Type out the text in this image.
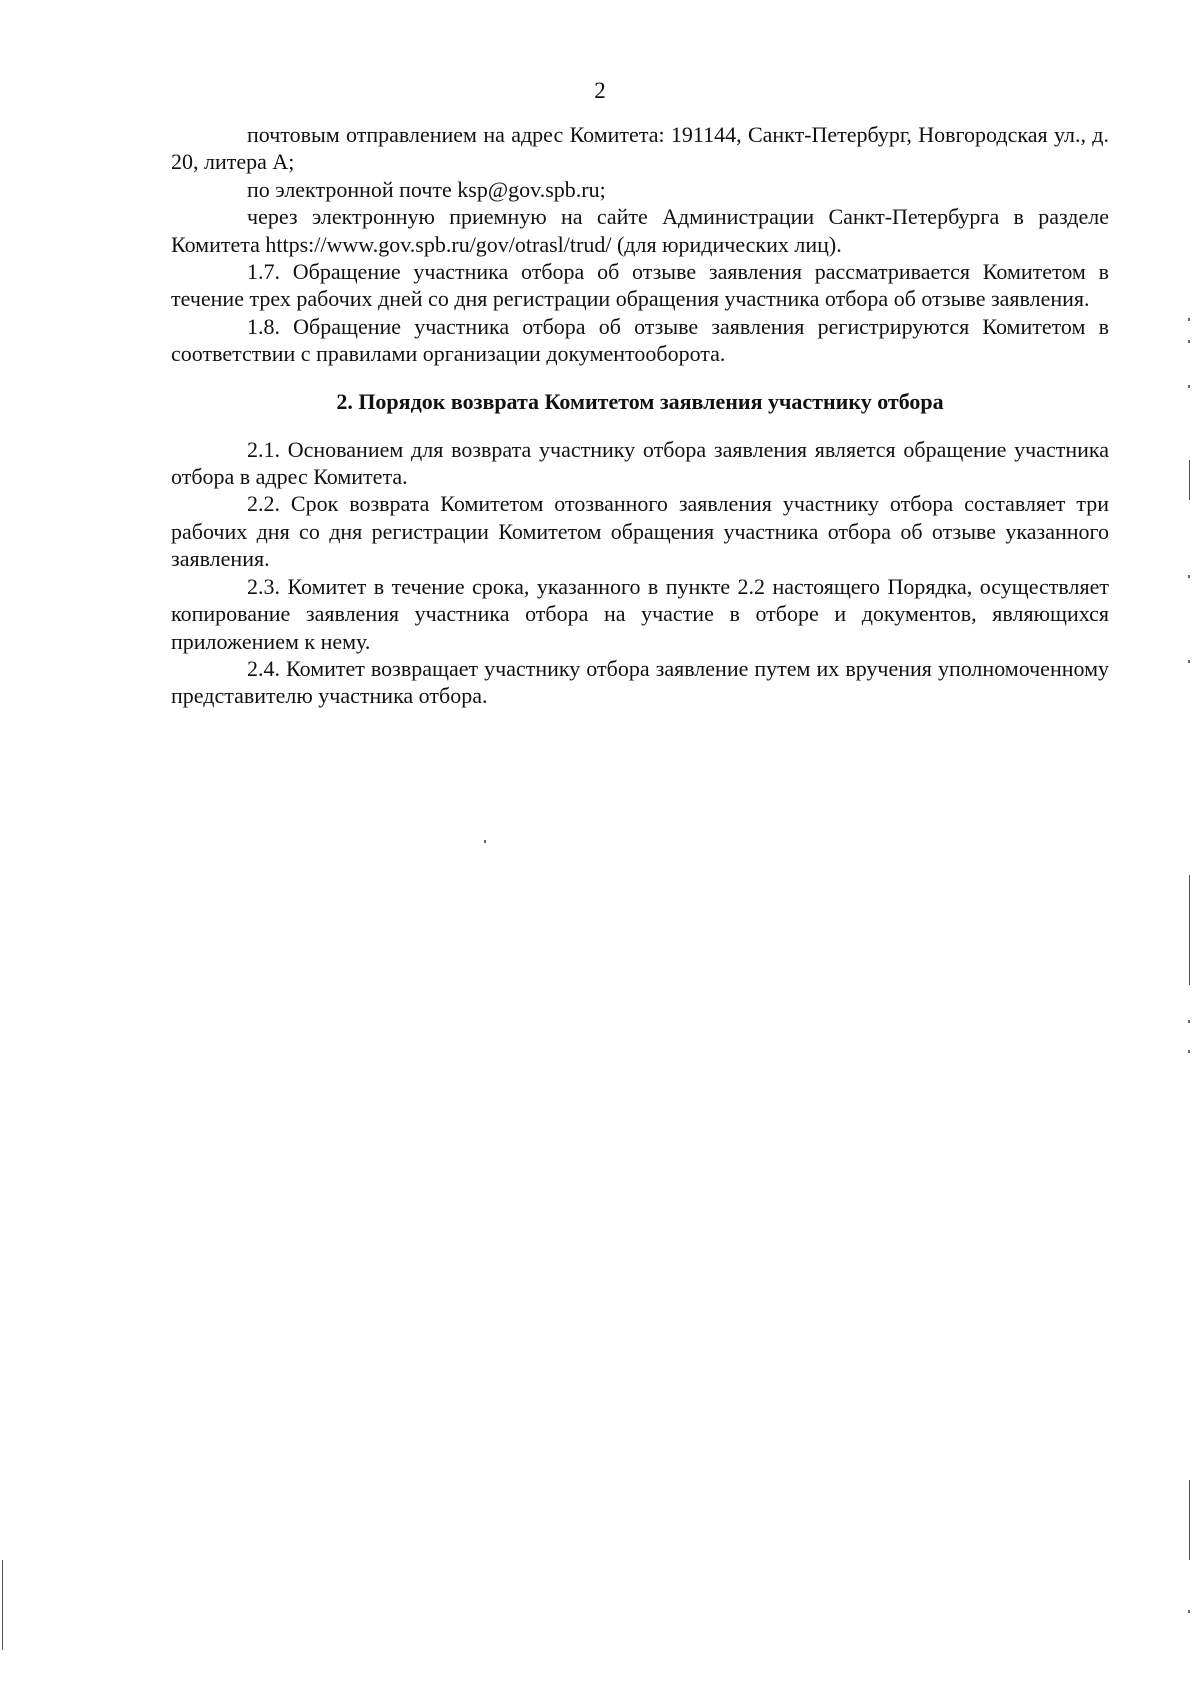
2

почтовым отправлением на адрес Комитета: 191144, Санкт-Петербург, Новгородская ул., д. 20, литера А;

по электронной почте ksp@gov.spb.ru;

через электронную приемную на сайте Администрации Санкт-Петербурга в разделе Комитета https://www.gov.spb.ru/gov/otrasl/trud/ (для юридических лиц).

1.7. Обращение участника отбора об отзыве заявления рассматривается Комитетом в течение трех рабочих дней со дня регистрации обращения участника отбора об отзыве заявления.

1.8. Обращение участника отбора об отзыве заявления регистрируются Комитетом в соответствии с правилами организации документооборота.

2. Порядок возврата Комитетом заявления участнику отбора

2.1. Основанием для возврата участнику отбора заявления является обращение участника отбора в адрес Комитета.

2.2. Срок возврата Комитетом отозванного заявления участнику отбора составляет три рабочих дня со дня регистрации Комитетом обращения участника отбора об отзыве указанного заявления.

2.3. Комитет в течение срока, указанного в пункте 2.2 настоящего Порядка, осуществляет копирование заявления участника отбора на участие в отборе и документов, являющихся приложением к нему.

2.4. Комитет возвращает участнику отбора заявление путем их вручения уполномоченному представителю участника отбора.
